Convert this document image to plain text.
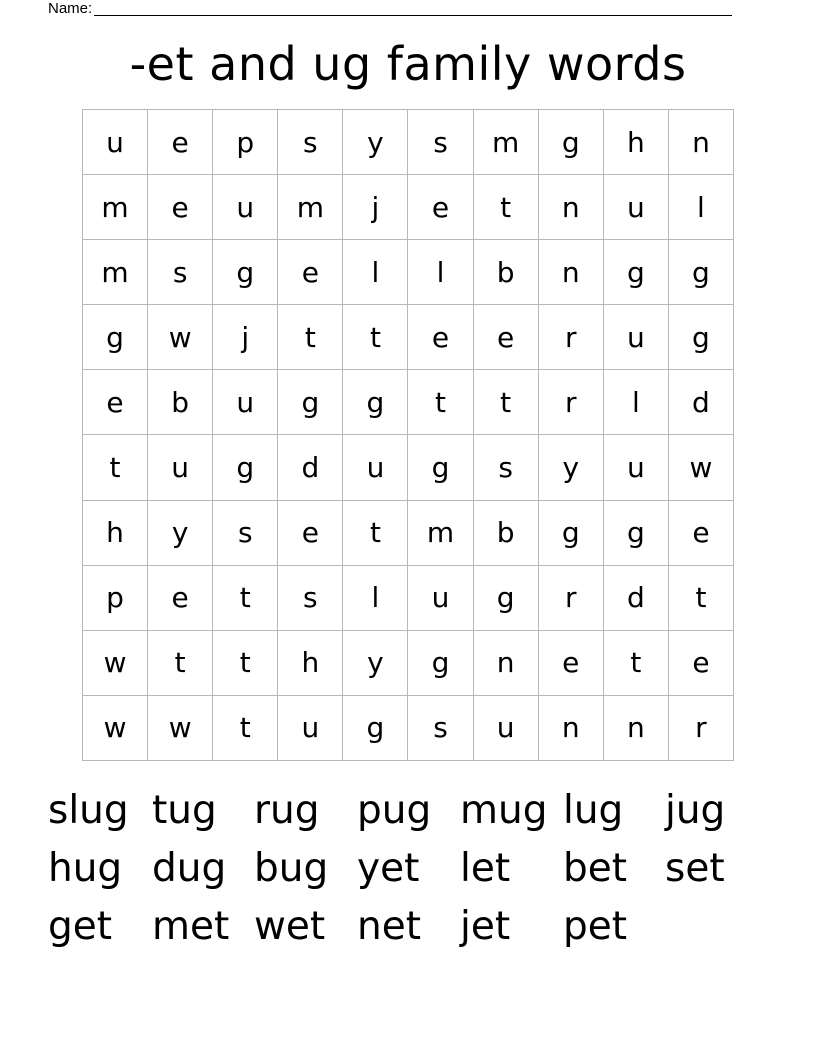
Name:
-et and ug family words
u	e	p	s	y	s	m	g	h	n
m	e	u	m	j	e	t	n	u	l
m	s	g	e	l	l	b	n	g	g
g	w	j	t	t	e	e	r	u	g
e	b	u	g	g	t	t	r	l	d
t	u	g	d	u	g	s	y	u	w
h	y	s	e	t	m	b	g	g	e
p	e	t	s	l	u	g	r	d	t
w	t	t	h	y	g	n	e	t	e
w	w	t	u	g	s	u	n	n	r
slug tug rug pug mug lug	jug
hug dug bug yet	let	bet set
get	met wet net jet	pet
